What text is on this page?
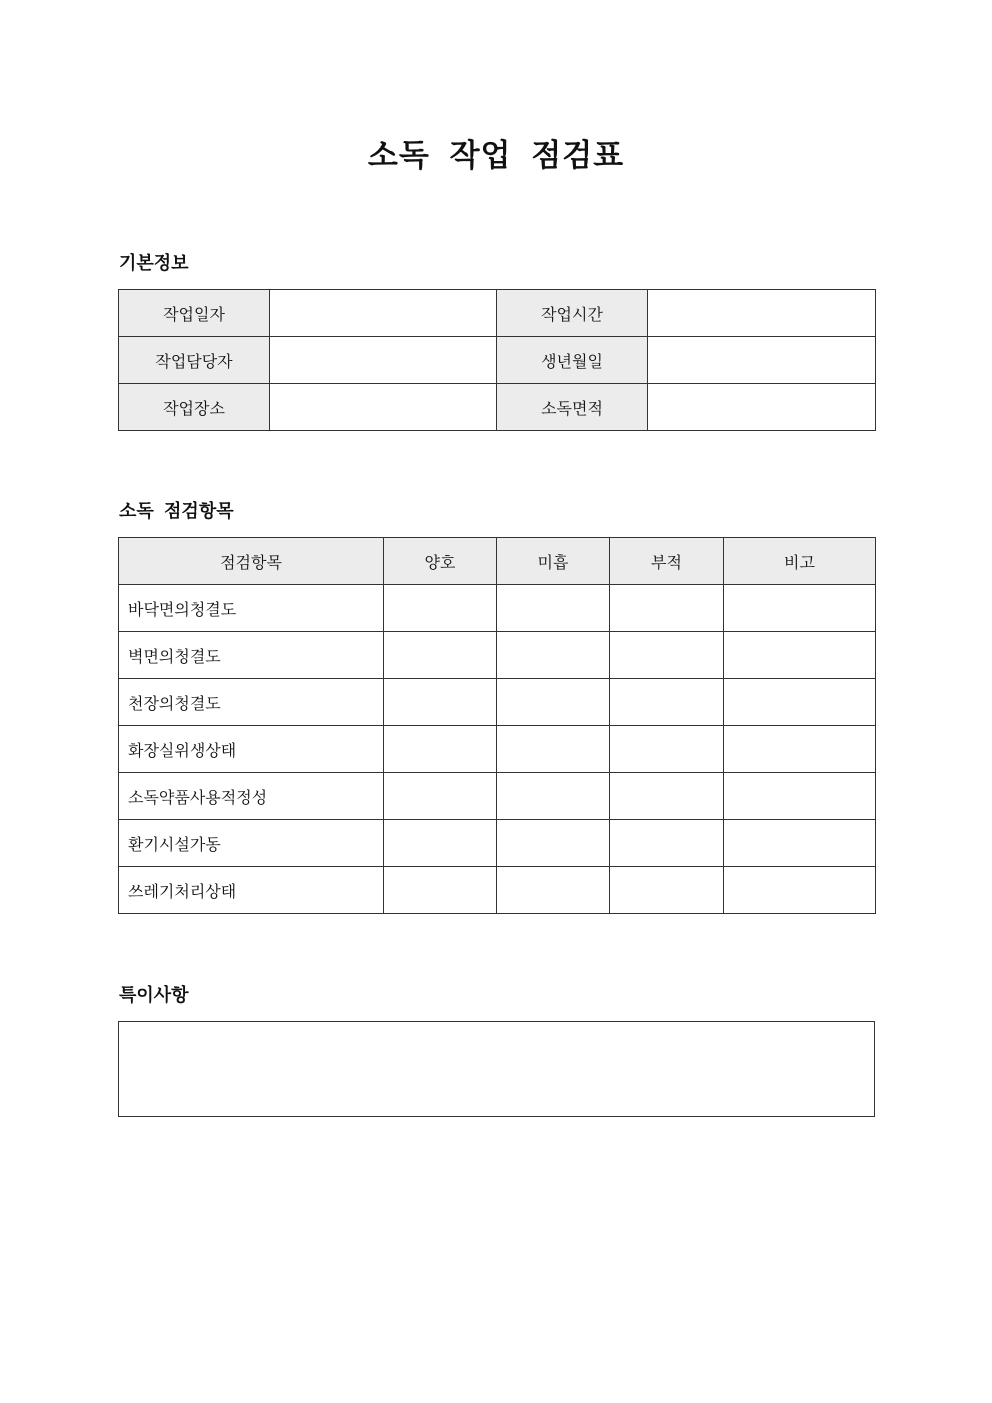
소독 작업 점검표
기본정보
작업일자		작업시간	
작업담당자		생년월일	
작업장소		소독면적	
소독 점검항목
점검항목	양호	미흡	부적	비고
바닥면의청결도				
벽면의청결도				
천장의청결도				
화장실위생상태				
소독약품사용적정성				
환기시설가동				
쓰레기처리상태				
특이사항
